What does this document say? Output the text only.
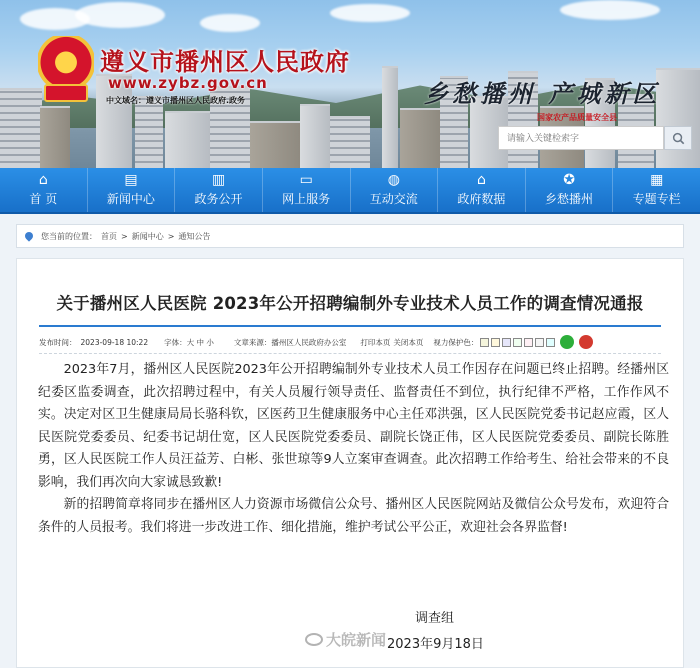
遵义市播州区人民政府
www.zybz.gov.cn
中文域名：遵义市播州区人民政府.政务	乡愁播州 产城新区
国家农产品质量安全县
请输入关键检索字
⌂
首 页
▤
新闻中心
▥
政务公开
▭
网上服务
◍
互动交流
⌂
政府数据
✪
乡愁播州
▦
专题专栏
您当前的位置： 首页 > 新闻中心 > 通知公告
关于播州区人民医院 2023年公开招聘编制外专业技术人员工作的调查情况通报
发布时间： 2023-09-18 10:22 字体： 大 中 小	文章来源： 播州区人民政府办公室 打印本页 关闭本页 视力保护色：

2023年7月，播州区人民医院2023年公开招聘编制外专业技术人员工作因存在问题已终止招聘。经播州区纪委区监委调查，此次招聘过程中，有关人员履行领导责任、监督责任不到位，执行纪律不严格，工作作风不实。决定对区卫生健康局局长骆科钦，区医药卫生健康服务中心主任邓洪强，区人民医院党委书记赵应霞，区人民医院党委委员、纪委书记胡仕宽，区人民医院党委委员、副院长饶正伟，区人民医院党委委员、副院长陈胜勇，区人民医院工作人员汪益芳、白彬、张世琼等9人立案审查调查。此次招聘工作给考生、给社会带来的不良影响，我们再次向大家诚恳致歉!

新的招聘简章将同步在播州区人力资源市场微信公众号、播州区人民医院网站及微信公众号发布，欢迎符合条件的人员报考。我们将进一步改进工作、细化措施，维护考试公平公正，欢迎社会各界监督!

调查组
2023年9月18日
大皖新闻
